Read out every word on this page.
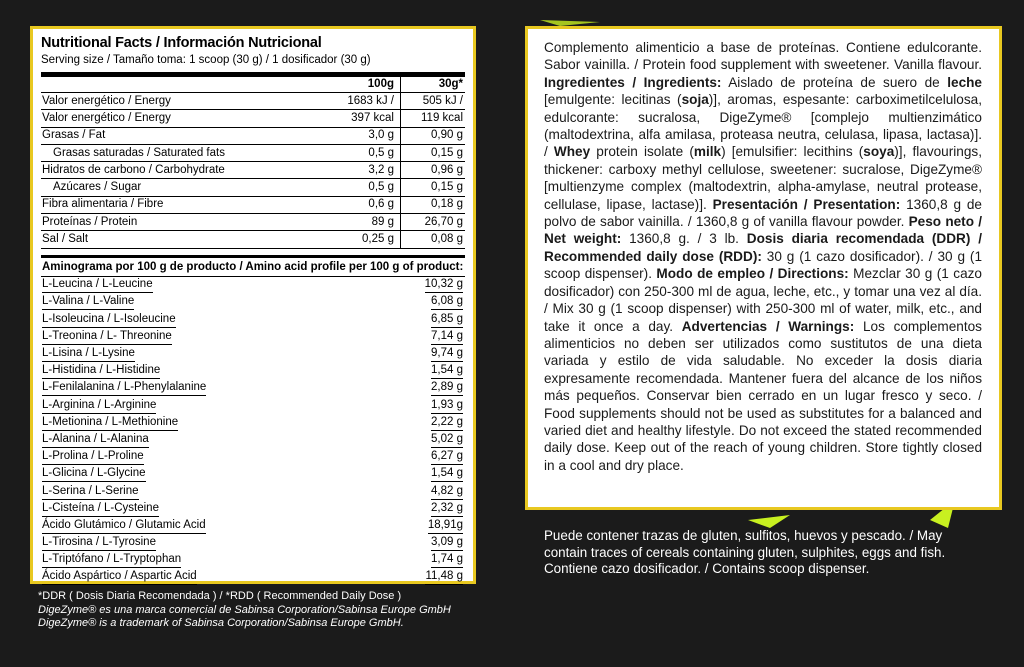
Nutritional Facts / Información Nutricional
Serving size / Tamaño toma: 1 scoop (30 g) / 1 dosificador (30 g)
	100g	30g*
Valor energético / Energy	1683 kJ /	505 kJ /
Valor energético / Energy	397 kcal	119 kcal
Grasas / Fat	3,0 g	0,90 g
Grasas saturadas / Saturated fats	0,5 g	0,15 g
Hidratos de carbono / Carbohydrate	3,2 g	0,96 g
Azúcares / Sugar	0,5 g	0,15 g
Fibra alimentaria / Fibre	0,6 g	0,18 g
Proteínas / Protein	89 g	26,70 g
Sal / Salt	0,25 g	0,08 g
Aminograma por 100 g de producto / Amino acid profile per 100 g of product:
L-Leucina / L-Leucine	10,32 g
L-Valina / L-Valine	6,08 g
L-Isoleucina / L-Isoleucine	6,85 g
L-Treonina / L- Threonine	7,14 g
L-Lisina / L-Lysine	9,74 g
L-Histidina / L-Histidine	1,54 g
L-Fenilalanina / L-Phenylalanine	2,89 g
L-Arginina / L-Arginine	1,93 g
L-Metionina / L-Methionine	2,22 g
L-Alanina / L-Alanina	5,02 g
L-Prolina / L-Proline	6,27 g
L-Glicina / L-Glycine	1,54 g
L-Serina / L-Serine	4,82 g
L-Cisteína / L-Cysteine	2,32 g
Ácido Glutámico / Glutamic Acid	18,91g
L-Tirosina / L-Tyrosine	3,09 g
L-Triptófano / L-Tryptophan	1,74 g
Ácido Aspártico / Aspartic Acid	11,48 g
*DDR ( Dosis Diaria Recomendada ) / *RDD ( Recommended Daily Dose )
DigeZyme® es una marca comercial de Sabinsa Corporation/Sabinsa Europe GmbH
DigeZyme® is a trademark of Sabinsa Corporation/Sabinsa Europe GmbH.
Complemento alimenticio a base de proteínas. Contiene edulcorante. Sabor vainilla. / Protein food supplement with sweetener. Vanilla flavour. Ingredientes / Ingredients: Aislado de proteína de suero de leche [emulgente: lecitinas (soja)], aromas, espesante: carboximetilcelulosa, edulcorante: sucralosa, DigeZyme® [complejo multienzimático (maltodextrina, alfa amilasa, proteasa neutra, celulasa, lipasa, lactasa)]. / Whey protein isolate (milk) [emulsifier: lecithins (soya)], flavourings, thickener: carboxy methyl cellulose, sweetener: sucralose, DigeZyme® [multienzyme complex (maltodextrin, alpha-amylase, neutral protease, cellulase, lipase, lactase)]. Presentación / Presentation: 1360,8 g de polvo de sabor vainilla. / 1360,8 g of vanilla flavour powder. Peso neto / Net weight: 1360,8 g. / 3 lb. Dosis diaria recomendada (DDR) / Recommended daily dose (RDD): 30 g (1 cazo dosificador). / 30 g (1 scoop dispenser). Modo de empleo / Directions: Mezclar 30 g (1 cazo dosificador) con 250-300 ml de agua, leche, etc., y tomar una vez al día. / Mix 30 g (1 scoop dispenser) with 250-300 ml of water, milk, etc., and take it once a day. Advertencias / Warnings: Los complementos alimenticios no deben ser utilizados como sustitutos de una dieta variada y estilo de vida saludable. No exceder la dosis diaria expresamente recomendada. Mantener fuera del alcance de los niños más pequeños. Conservar bien cerrado en un lugar fresco y seco. / Food supplements should not be used as substitutes for a balanced and varied diet and healthy lifestyle. Do not exceed the stated recommended daily dose. Keep out of the reach of young children. Store tightly closed in a cool and dry place.
Puede contener trazas de gluten, sulfitos, huevos y pescado. / May contain traces of cereals containing gluten, sulphites, eggs and fish.
Contiene cazo dosificador. / Contains scoop dispenser.
